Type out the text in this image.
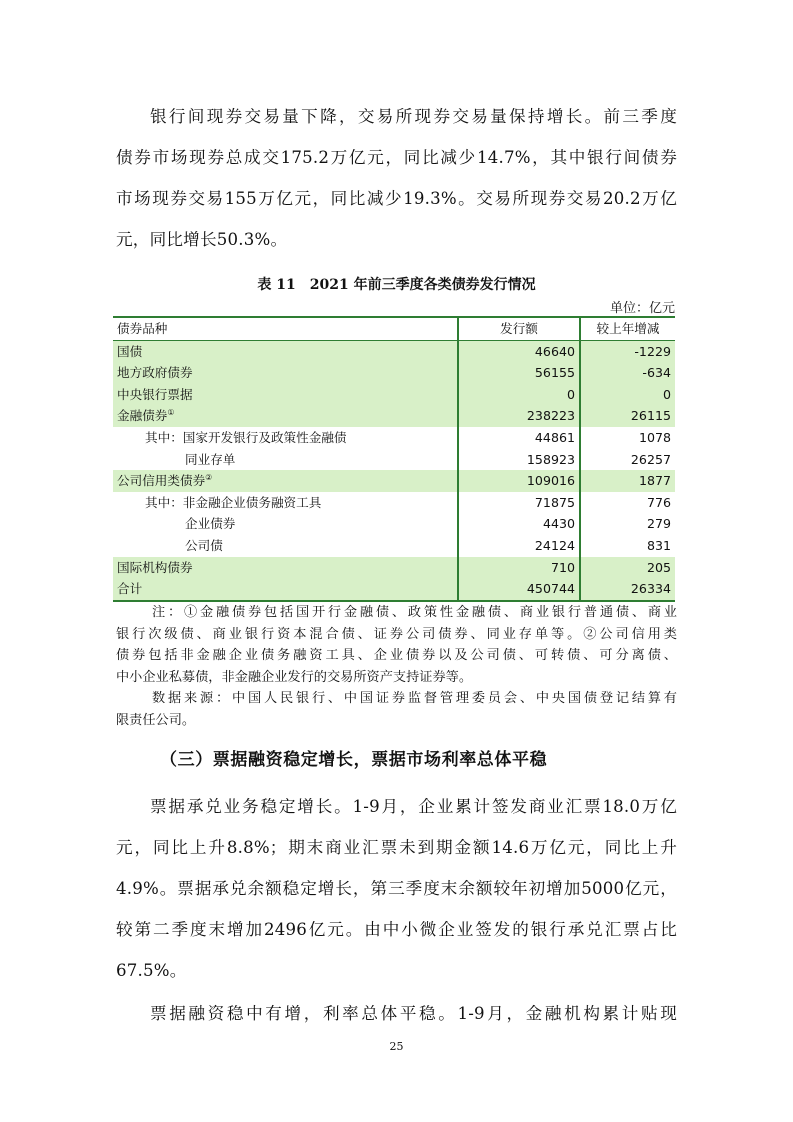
银行间现券交易量下降，交易所现券交易量保持增长。前三季度
债券市场现券总成交175.2万亿元，同比减少14.7%，其中银行间债券
市场现券交易155万亿元，同比减少19.3%。交易所现券交易20.2万亿
元，同比增长50.3%。

表 11　2021 年前三季度各类债券发行情况

单位：亿元

债券品种	发行额	较上年增减
国债	46640	-1229
地方政府债券	56155	-634
中央银行票据	0	0
金融债券①	238223	26115
其中：国家开发银行及政策性金融债	44861	1078
同业存单	158923	26257
公司信用类债券②	109016	1877
其中：非金融企业债务融资工具	71875	776
企业债券	4430	279
公司债	24124	831
国际机构债券	710	205
合计	450744	26334
注：①金融债券包括国开行金融债、政策性金融债、商业银行普通债、商业
银行次级债、商业银行资本混合债、证券公司债券、同业存单等。②公司信用类
债券包括非金融企业债务融资工具、企业债券以及公司债、可转债、可分离债、
中小企业私募债，非金融企业发行的交易所资产支持证券等。
数据来源：中国人民银行、中国证券监督管理委员会、中央国债登记结算有
限责任公司。

（三）票据融资稳定增长，票据市场利率总体平稳

票据承兑业务稳定增长。1-9月，企业累计签发商业汇票18.0万亿
元，同比上升8.8%；期末商业汇票未到期金额14.6万亿元，同比上升
4.9%。票据承兑余额稳定增长，第三季度末余额较年初增加5000亿元，
较第二季度末增加2496亿元。由中小微企业签发的银行承兑汇票占比
67.5%。
票据融资稳中有增，利率总体平稳。1-9月，金融机构累计贴现

25
